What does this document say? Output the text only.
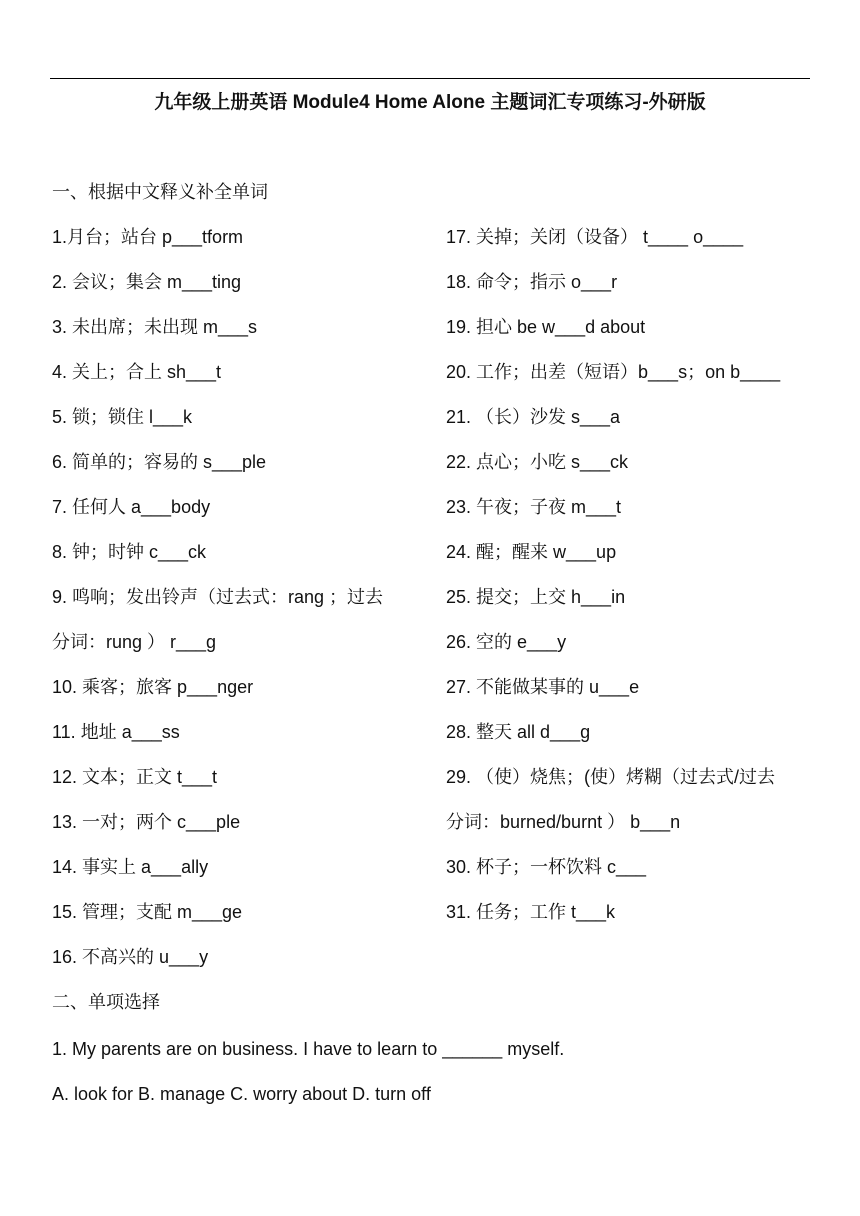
九年级上册英语 Module4 Home Alone 主题词汇专项练习-外研版
一、根据中文释义补全单词
1.月台；站台 p___tform
2. 会议；集会 m___ting
3. 未出席；未出现 m___s
4. 关上；合上 sh___t
5. 锁；锁住 l___k
6. 简单的；容易的 s___ple
7. 任何人 a___body
8. 钟；时钟 c___ck
9. 鸣响；发出铃声（过去式：rang ；过去
分词：rung ） r___g
10. 乘客；旅客 p___nger
11. 地址 a___ss
12. 文本；正文 t___t
13. 一对；两个 c___ple
14. 事实上 a___ally
15. 管理；支配 m___ge
16. 不高兴的 u___y
17. 关掉；关闭（设备） t____ o____
18. 命令；指示 o___r
19. 担心 be w___d about
20. 工作；出差（短语）b___s；on b____
21. （长）沙发 s___a
22. 点心；小吃 s___ck
23. 午夜；子夜 m___t
24. 醒；醒来 w___up
25. 提交；上交 h___in
26. 空的 e___y
27. 不能做某事的 u___e
28. 整天 all d___g
29. （使）烧焦；(使）烤糊（过去式/过去
分词：burned/burnt ） b___n
30. 杯子；一杯饮料 c___
31. 任务；工作 t___k
二、单项选择
1. My parents are on business. I have to learn to ______ myself.
A. look for B. manage C. worry about D. turn off
